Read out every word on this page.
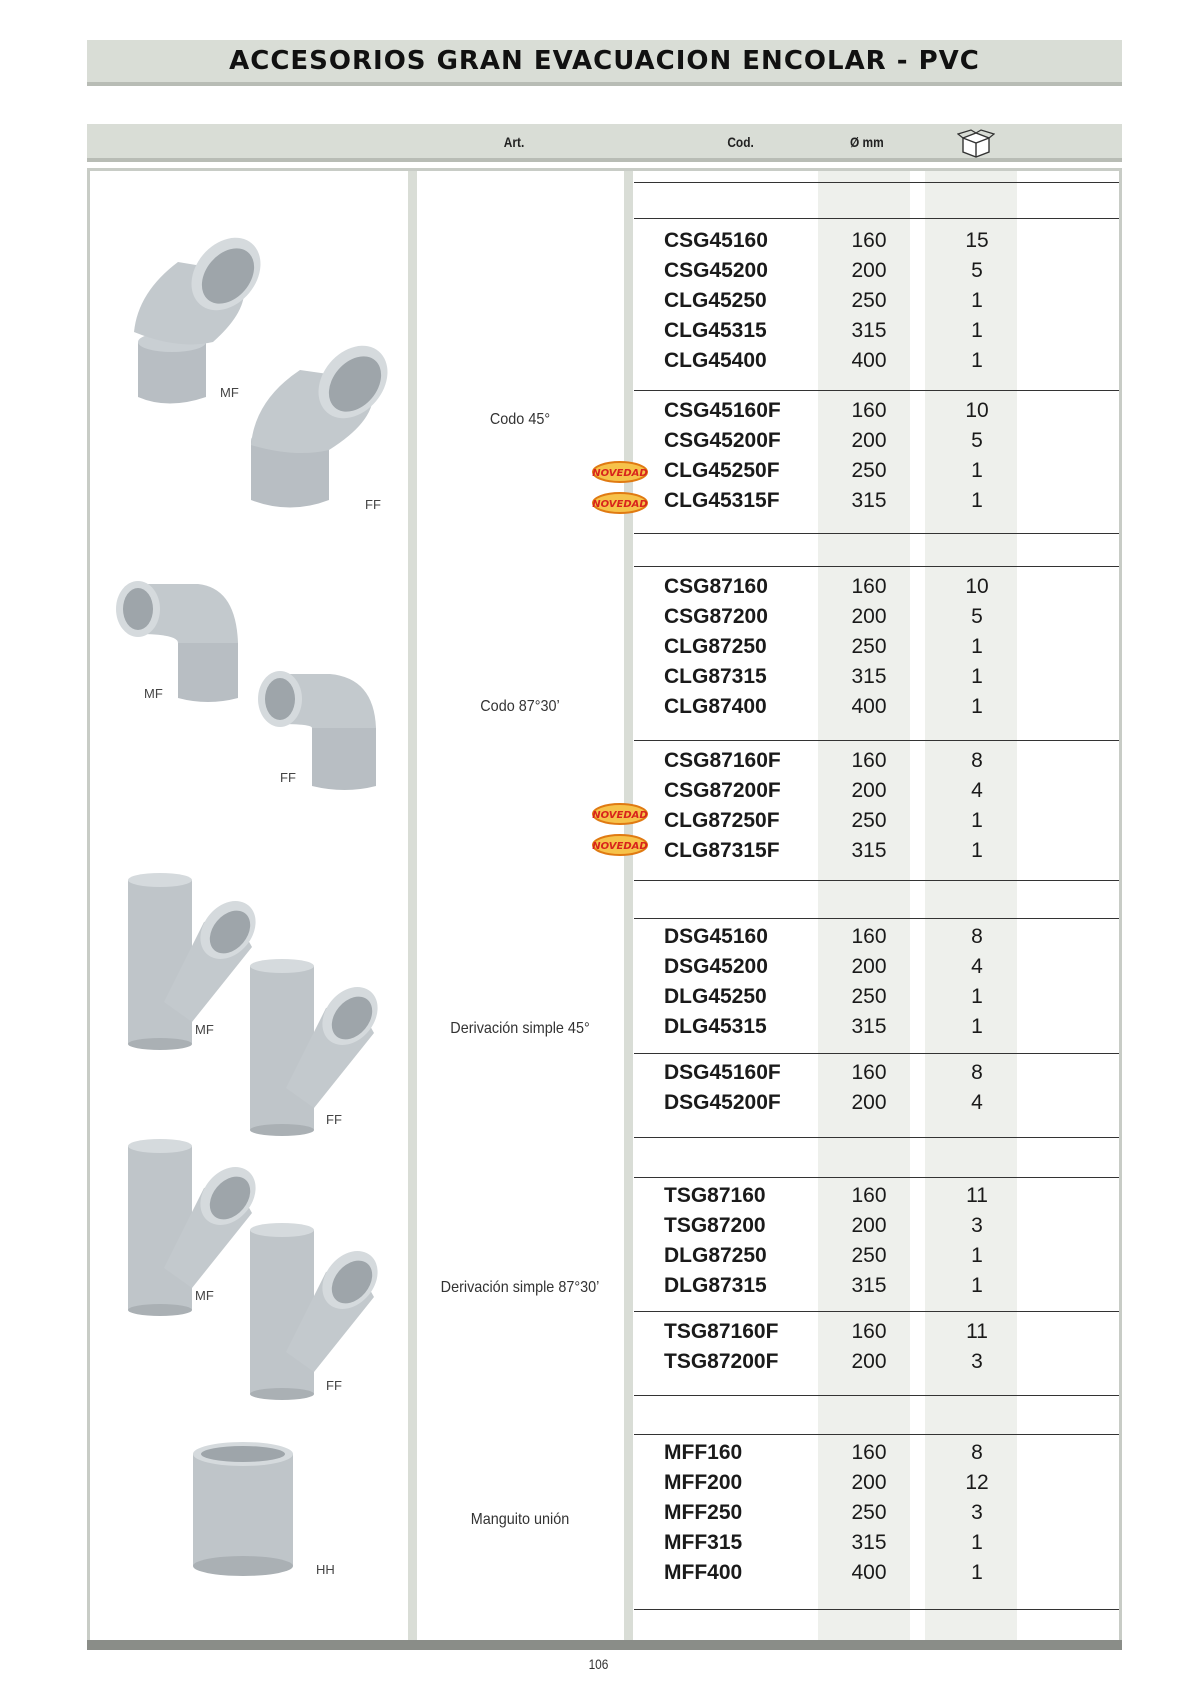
ACCESORIOS GRAN EVACUACION ENCOLAR - PVC
Art.	Cod.	Ø mm
Codo 45°
Codo 87°30’
Derivación simple 45°
Derivación simple 87°30’
Manguito unión
MF
FF
MF
FF
MF
FF
MF
FF
HH
NOVEDAD
NOVEDAD
NOVEDAD
NOVEDAD
CSG45160	160	15
CSG45200	200	5
CLG45250	250	1
CLG45315	315	1
CLG45400	400	1
CSG45160F	160	10
CSG45200F	200	5
CLG45250F	250	1
CLG45315F	315	1
CSG87160	160	10
CSG87200	200	5
CLG87250	250	1
CLG87315	315	1
CLG87400	400	1
CSG87160F	160	8
CSG87200F	200	4
CLG87250F	250	1
CLG87315F	315	1
DSG45160	160	8
DSG45200	200	4
DLG45250	250	1
DLG45315	315	1
DSG45160F	160	8
DSG45200F	200	4
TSG87160	160	11
TSG87200	200	3
DLG87250	250	1
DLG87315	315	1
TSG87160F	160	11
TSG87200F	200	3
MFF160	160	8
MFF200	200	12
MFF250	250	3
MFF315	315	1
MFF400	400	1
106
